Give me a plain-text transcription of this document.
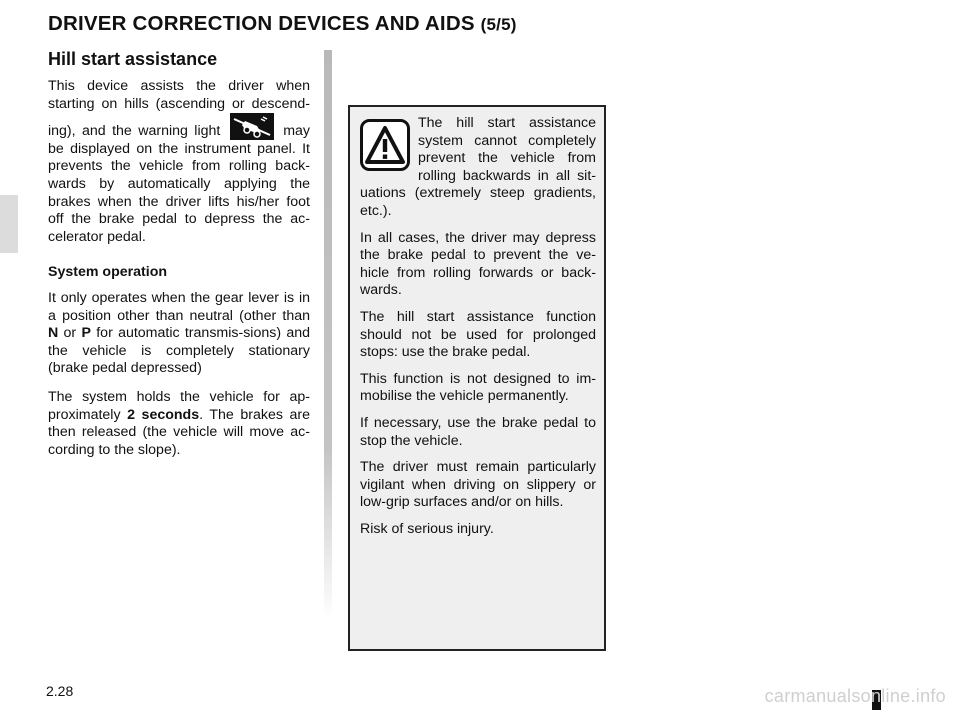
DRIVER CORRECTION DEVICES AND AIDS (5/5)
Hill start assistance

This device assists the driver when starting on hills (ascending or descend-ing), and the warning light	may be displayed on the instrument panel. It prevents the vehicle from rolling back-wards by automatically applying the brakes when the driver lifts his/her foot off the brake pedal to depress the ac-celerator pedal.

System operation

It only operates when the gear lever is in a position other than neutral (other than N or P for automatic transmis-sions) and the vehicle is completely stationary (brake pedal depressed)

The system holds the vehicle for ap-proximately 2 seconds. The brakes are then released (the vehicle will move ac-cording to the slope).

The hill start assistance system cannot completely prevent the vehicle from rolling backwards in all sit-uations (extremely steep gradients, etc.).

In all cases, the driver may depress the brake pedal to prevent the ve-hicle from rolling forwards or back-wards.

The hill start assistance function should not be used for prolonged stops: use the brake pedal.

This function is not designed to im-mobilise the vehicle permanently.

If necessary, use the brake pedal to stop the vehicle.

The driver must remain particularly vigilant when driving on slippery or low-grip surfaces and/or on hills.

Risk of serious injury.

2.28	carmanualsonline.info
